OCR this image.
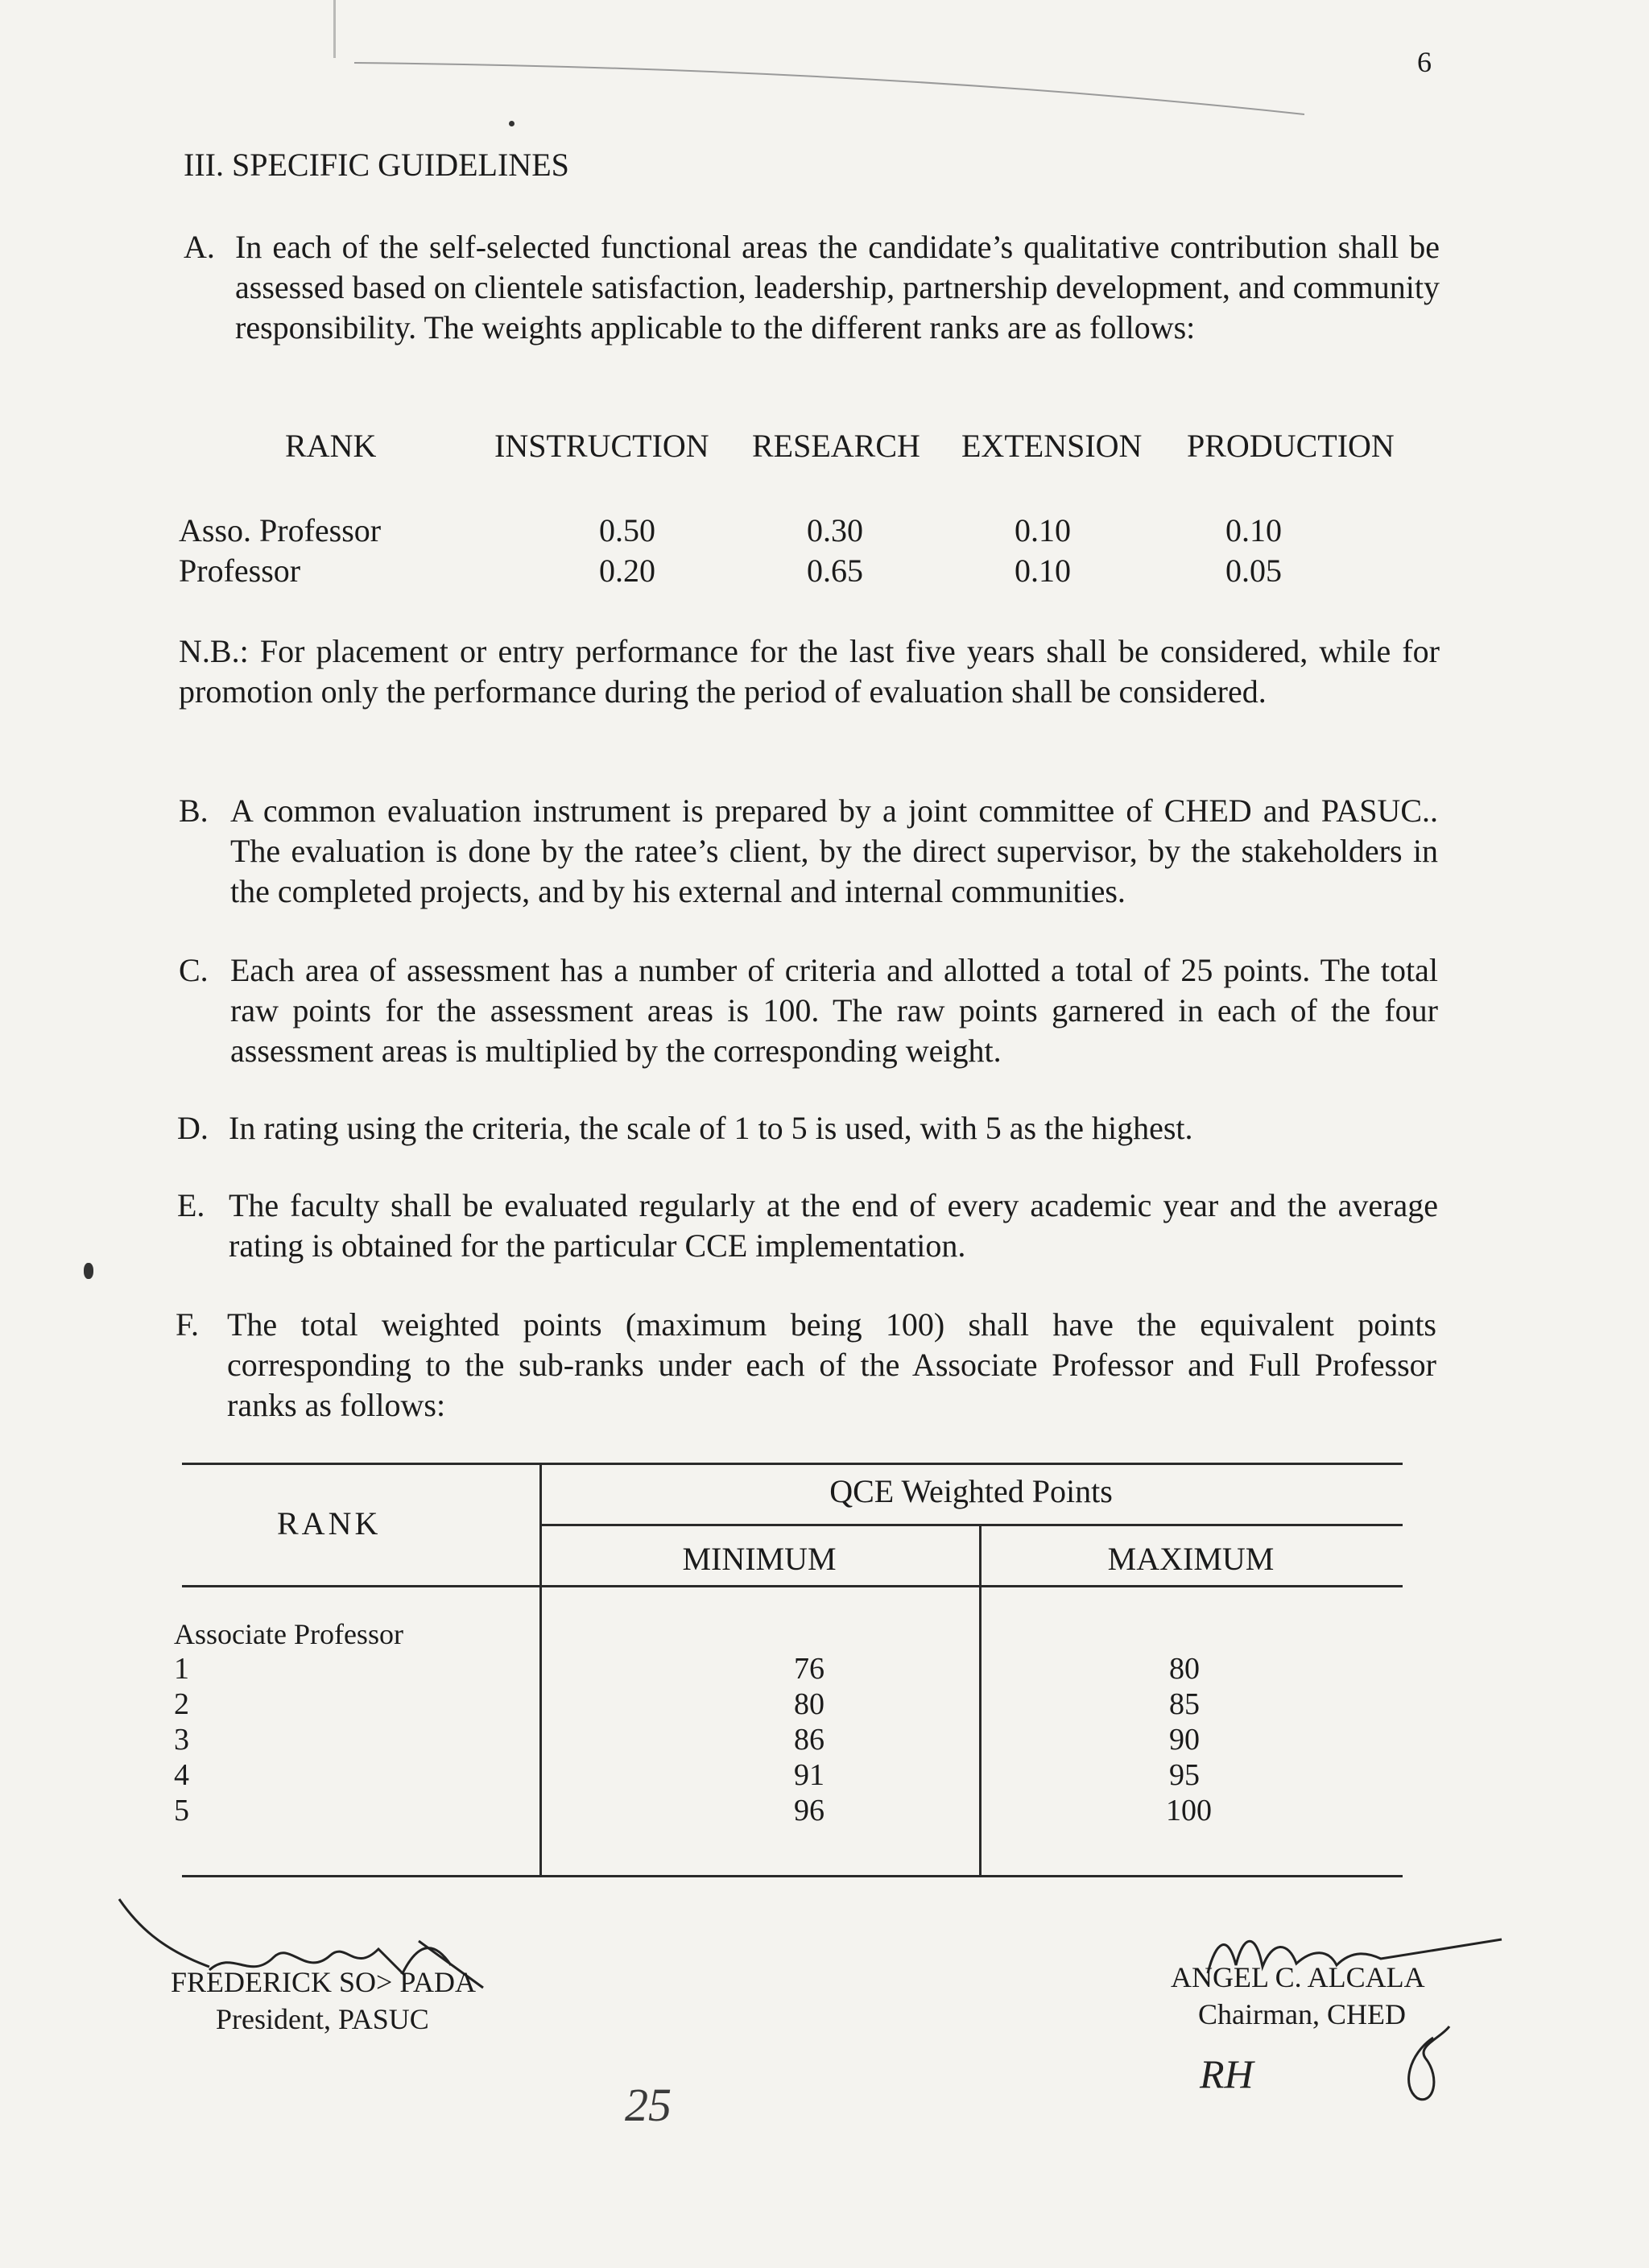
6
III. SPECIFIC GUIDELINES
A. In each of the self-selected functional areas the candidate’s qualitative contribution shall be assessed based on clientele satisfaction, leadership, partnership development, and community responsibility. The weights applicable to the different ranks are as follows:
RANK	INSTRUCTION RESEARCH EXTENSION PRODUCTION
Asso. Professor	0.50	0.30	0.10	0.10
Professor	0.20	0.65	0.10	0.05
N.B.: For placement or entry performance for the last five years shall be considered, while for promotion only the performance during the period of evaluation shall be considered.
B. A common evaluation instrument is prepared by a joint committee of CHED and PASUC.. The evaluation is done by the ratee’s client, by the direct supervisor, by the stakeholders in the completed projects, and by his external and internal communities.
C. Each area of assessment has a number of criteria and allotted a total of 25 points. The total raw points for the assessment areas is 100. The raw points garnered in each of the four assessment areas is multiplied by the corresponding weight.
D. In rating using the criteria, the scale of 1 to 5 is used, with 5 as the highest.
E. The faculty shall be evaluated regularly at the end of every academic year and the average rating is obtained for the particular CCE implementation.
F. The total weighted points (maximum being 100) shall have the equivalent points corresponding to the sub-ranks under each of the Associate Professor and Full Professor ranks as follows:
RANK
QCE Weighted Points
MINIMUM	MAXIMUM
Associate Professor
1	76	80
2	80	85
3	86	90
4	91	95
5	96	100
FREDERICK SO> PADA
President, PASUC
ANGEL C. ALCALA
Chairman, CHED
25
RH
